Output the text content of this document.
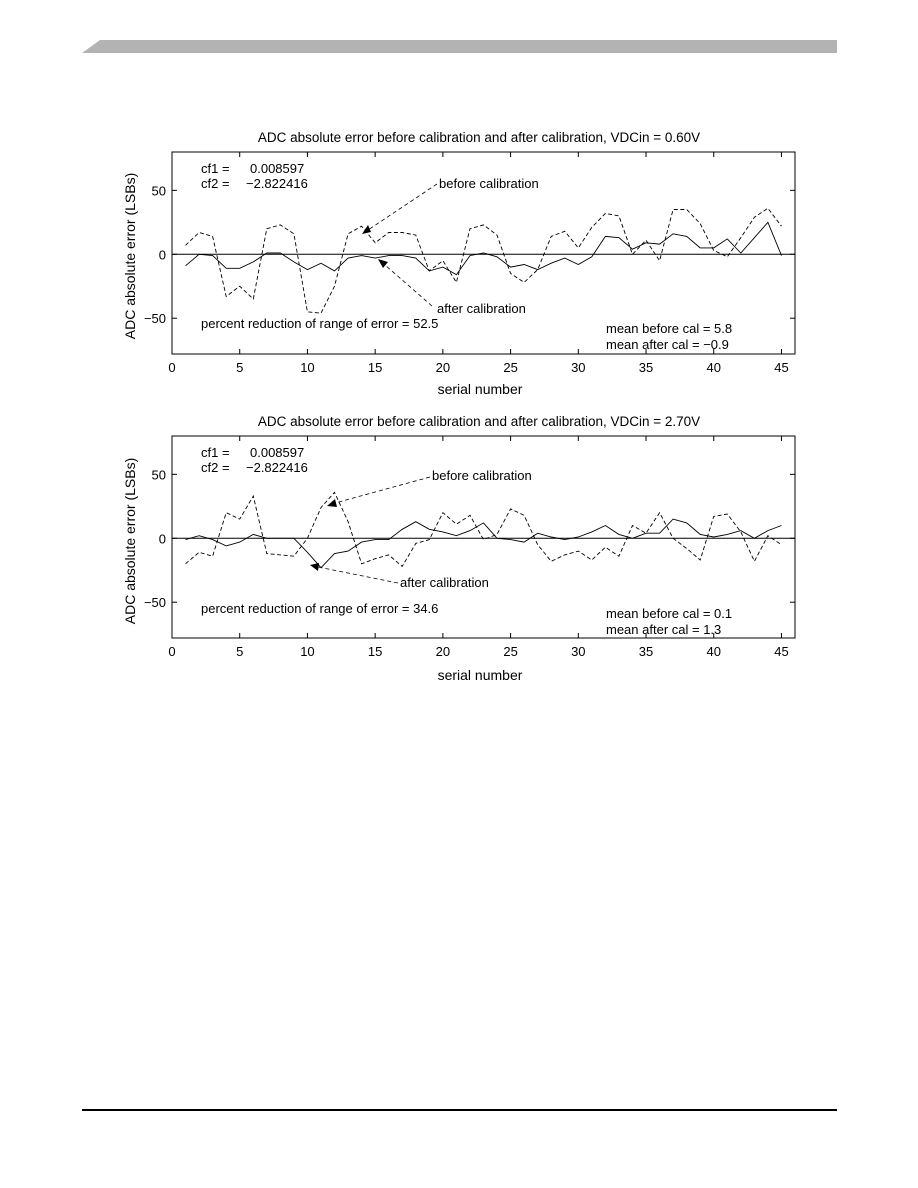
ADC absolute error before calibration and after calibration, VDCin = 0.60V
0	5	10	15	20	25	30	35	40	45
−50
0
50
serial number
ADC absolute error (LSBs)
cf1 = 0.008597
cf2 = −2.822416	before calibration
after calibration
percent reduction of range of error = 52.5	mean before cal = 5.8
mean after cal = −0.9
ADC absolute error before calibration and after calibration, VDCin = 2.70V
0	5	10	15	20	25	30	35	40	45
−50
0
50
serial number
ADC absolute error (LSBs)
cf1 = 0.008597
cf2 = −2.822416
before calibration
after calibration
percent reduction of range of error = 34.6	mean before cal = 0.1
mean after cal = 1.3
